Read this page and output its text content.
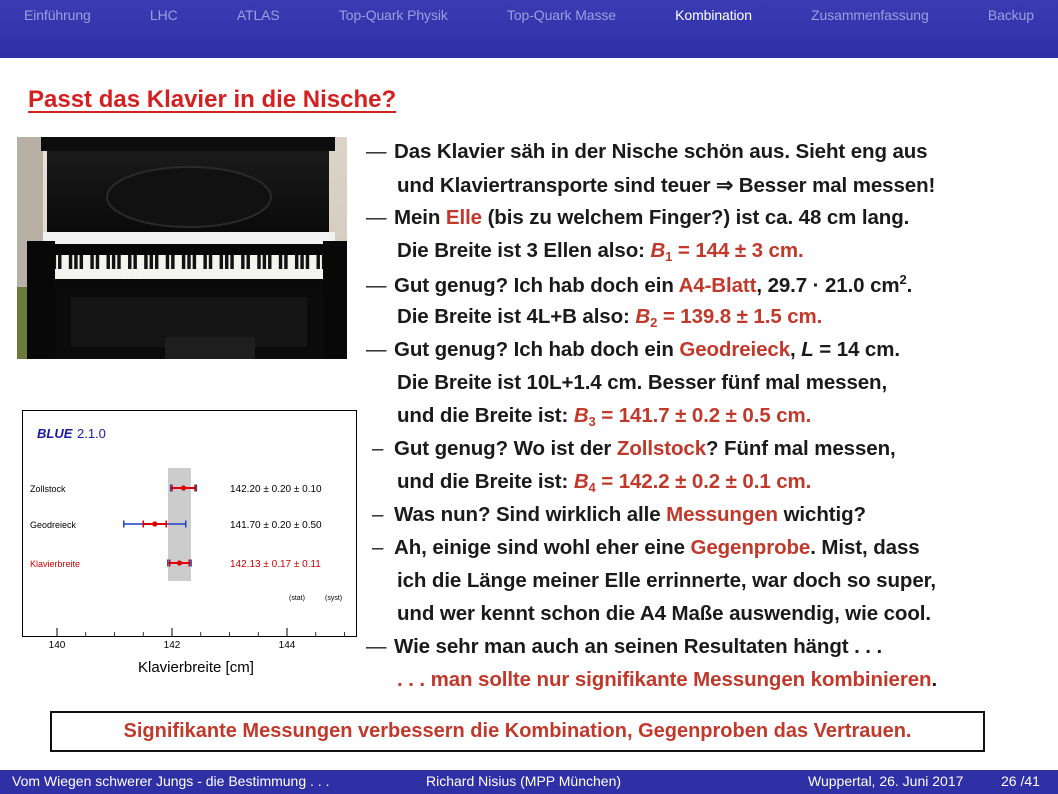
Einführung	LHC	ATLAS	Top-Quark Physik	Top-Quark Masse	Kombination	Zusammenfassung	Backup
Passt das Klavier in die Nische?
BLUE 2.1.0
Zollstock	142.20 ± 0.20 ± 0.10
Geodreieck	141.70 ± 0.20 ± 0.50
Klavierbreite	142.13 ± 0.17 ± 0.11
(stat)	(syst)
140	142	144
Klavierbreite [cm]
— Das Klavier säh in der Nische schön aus. Sieht eng aus
und Klaviertransporte sind teuer ⇒ Besser mal messen!
— Mein Elle (bis zu welchem Finger?) ist ca. 48 cm lang.
Die Breite ist 3 Ellen also: $B_1 = 144 \pm 3$ cm.
— Gut genug? Ich hab doch ein A4-Blatt, 29.7 · 21.0 $cm^2$.
Die Breite ist 4L+B also: $B_2 = 139.8 \pm 1.5$ cm.
— Gut genug? Ich hab doch ein Geodreieck, L = 14 cm.
Die Breite ist 10L+1.4 cm. Besser fünf mal messen,
und die Breite ist: $B_3 = 141.7 \pm 0.2 \pm 0.5$ cm.
– Gut genug? Wo ist der Zollstock? Fünf mal messen,
und die Breite ist: $B_4 = 142.2 \pm 0.2 \pm 0.1$ cm.
– Was nun? Sind wirklich alle Messungen wichtig?
– Ah, einige sind wohl eher eine Gegenprobe. Mist, dass
ich die Länge meiner Elle errinnerte, war doch so super,
und wer kennt schon die A4 Maße auswendig, wie cool.
— Wie sehr man auch an seinen Resultaten hängt . . .
. . . man sollte nur signifikante Messungen kombinieren.
Signifikante Messungen verbessern die Kombination, Gegenproben das Vertrauen.
Vom Wiegen schwerer Jungs - die Bestimmung . . .	Richard Nisius (MPP München)	Wuppertal, 26. Juni 2017	26 /41
